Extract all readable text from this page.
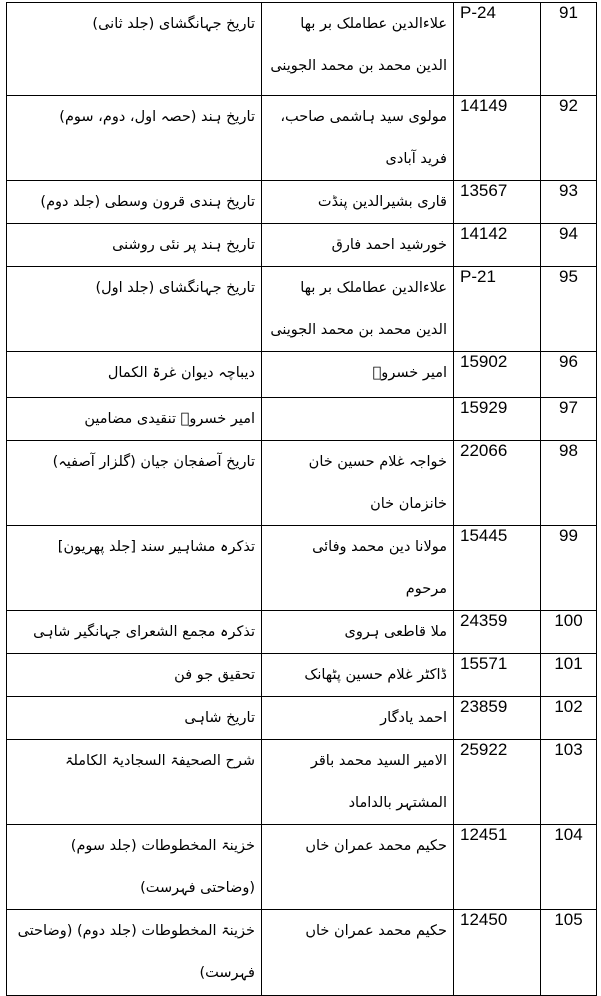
91	24-P	علاءالدین عطاملک بر بها الدین محمد بن محمد الجوینی	تاریخ جہانگشای (جلد ثانی)
92	14149	مولوی سید ہاشمی صاحب، فرید آبادی	تاریخ ہند (حصہ اول، دوم، سوم)
93	13567	قاری بشیرالدین پنڈت	تاریخ ہندی قرون وسطی (جلد دوم)
94	14142	خورشید احمد فارق	تاریخ ہند پر نئی روشنی
95	21-P	علاءالدین عطاملک بر بها الدین محمد بن محمد الجوینی	تاریخ جہانگشای (جلد اول)
96	15902	امیر خسروؒ	دیباچہ دیوان غرۃ الکمال
97	15929		امیر خسروؒ تنقیدی مضامین
98	22066	خواجہ غلام حسین خان خانزمان خان	تاریخ آصفجان جیان (گلزار آصفیہ)
99	15445	مولانا دین محمد وفائی مرحوم	تذکرہ مشاہیر سند [جلد پھریون]
100	24359	ملا قاطعی ہروی	تذکرہ مجمع الشعرای جہانگیر شاہی
101	15571	ڈاکٹر غلام حسین پٹھانک	تحقیق جو فن
102	23859	احمد یادگار	تاریخ شاہی
103	25922	الامیر السید محمد باقر المشتہر بالداماد	شرح الصحیفۃ السجادیۃ الکاملۃ
104	12451	حکیم محمد عمران خاں	خزینۃ المخطوطات (جلد سوم) (وضاحتی فہرست)
105	12450	حکیم محمد عمران خاں	خزینۃ المخطوطات (جلد دوم) (وضاحتی فہرست)
